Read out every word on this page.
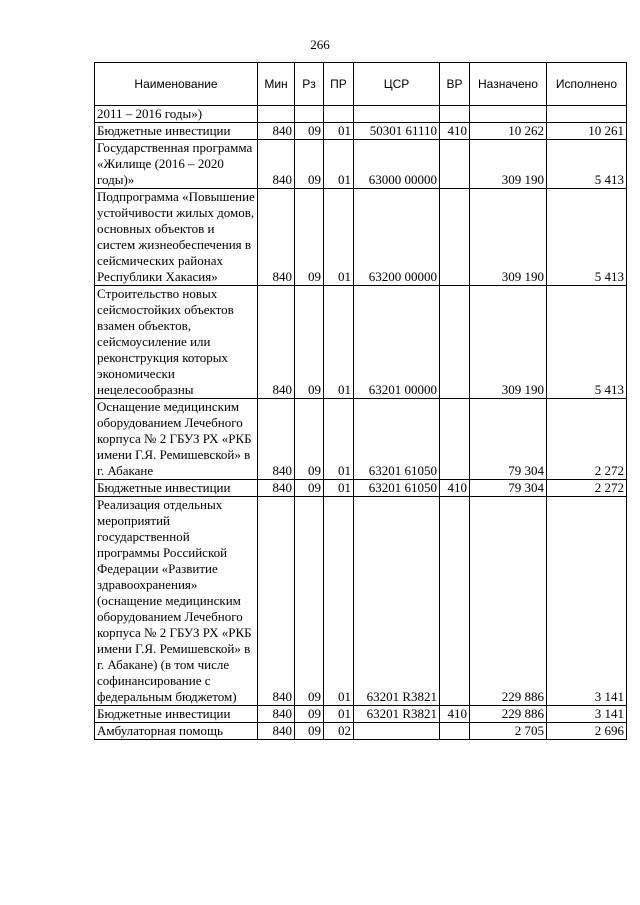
266
Наименование	Мин	Рз	ПР	ЦСР	ВР	Назначено	Исполнено
2011 – 2016 годы»)							
Бюджетные инвестиции	840	09	01	50301 61110	410	10 262	10 261
Государственная программа «Жилище (2016 – 2020 годы)»	840	09	01	63000 00000		309 190	5 413
Подпрограмма «Повышение устойчивости жилых домов, основных объектов и систем жизнеобеспечения в сейсмических районах Республики Хакасия»	840	09	01	63200 00000		309 190	5 413
Строительство новых сейсмостойких объектов взамен объектов, сейсмоусиление или реконструкция которых экономически нецелесообразны	840	09	01	63201 00000		309 190	5 413
Оснащение медицинским оборудованием Лечебного корпуса № 2 ГБУЗ РХ «РКБ имени Г.Я. Ремишевской» в г. Абакане	840	09	01	63201 61050		79 304	2 272
Бюджетные инвестиции	840	09	01	63201 61050	410	79 304	2 272
Реализация отдельных мероприятий государственной программы Российской Федерации «Развитие здравоохранения» (оснащение медицинским оборудованием Лечебного корпуса № 2 ГБУЗ РХ «РКБ имени Г.Я. Ремишевской» в г. Абакане) (в том числе софинансирование с федеральным бюджетом)	840	09	01	63201 R3821		229 886	3 141
Бюджетные инвестиции	840	09	01	63201 R3821	410	229 886	3 141
Амбулаторная помощь	840	09	02			2 705	2 696
